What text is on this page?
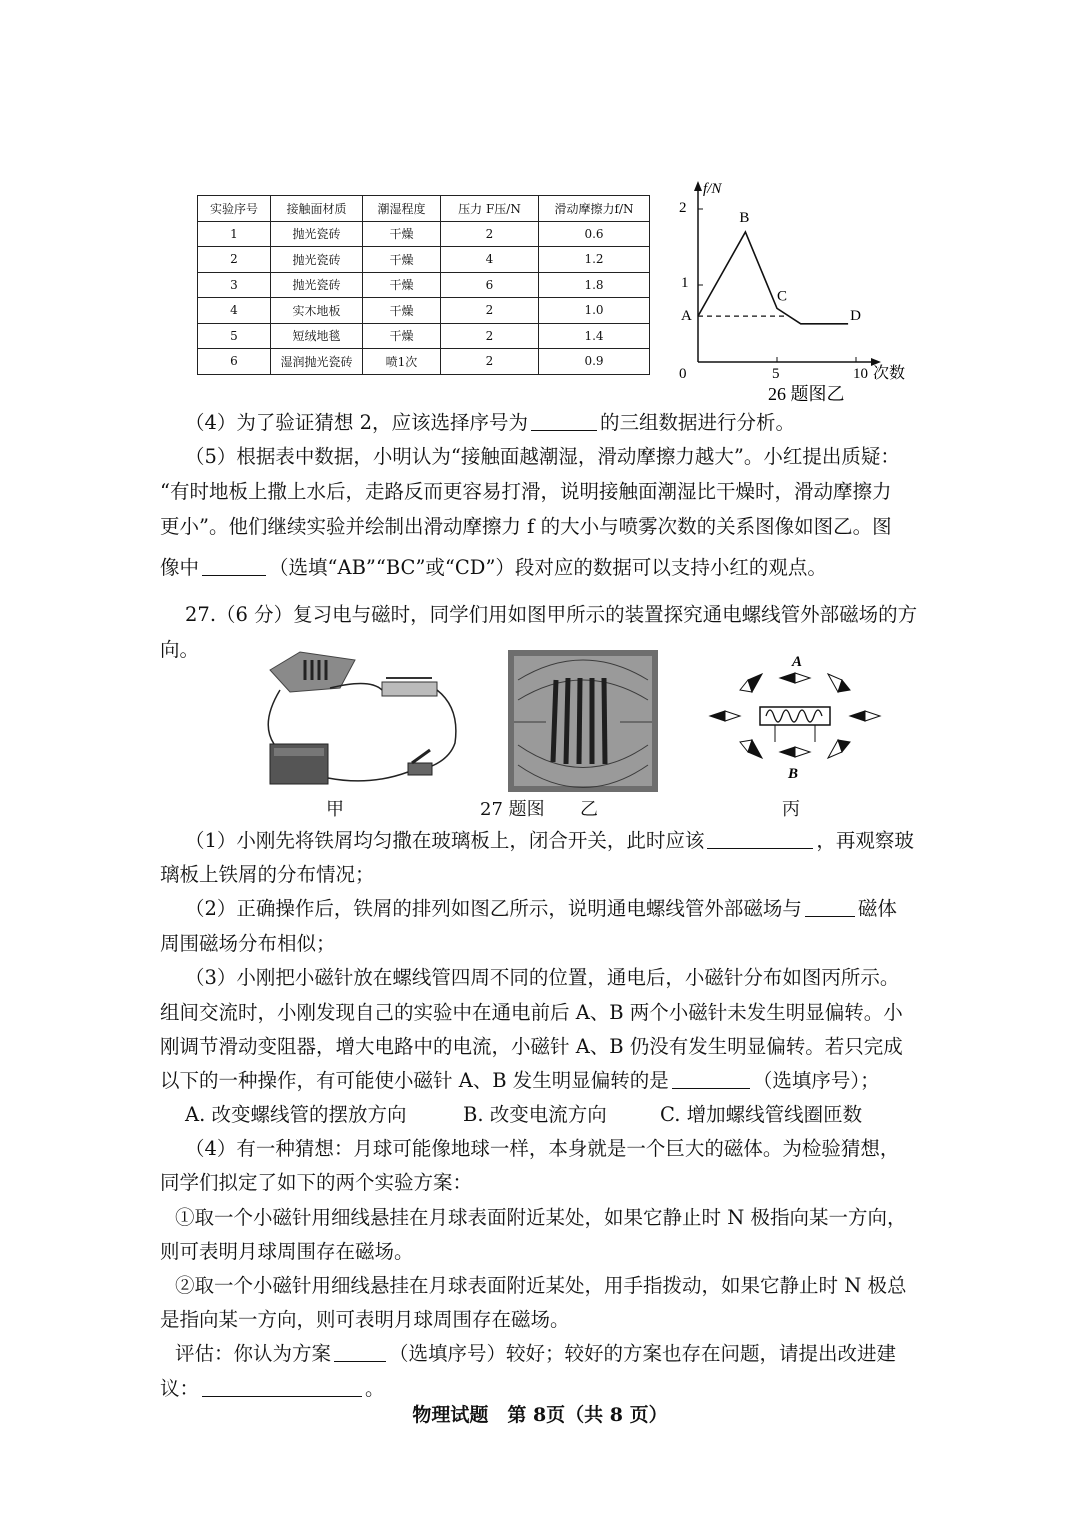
实验序号	接触面材质	潮湿程度	压力 F压/N	滑动摩擦力f/N
1	抛光瓷砖	干燥	2	0.6
2	抛光瓷砖	干燥	4	1.2
3	抛光瓷砖	干燥	6	1.8
4	实木地板	干燥	2	1.0
5	短绒地毯	干燥	2	1.4
6	湿润抛光瓷砖	喷1次	2	0.9
f/N
2
1
0	5	10 次数
A
B
C
D
26 题图乙
（4）为了验证猜想 2，应该选择序号为	的三组数据进行分析。
（5）根据表中数据，小明认为“接触面越潮湿，滑动摩擦力越大”。小红提出质疑：
“有时地板上撒上水后，走路反而更容易打滑，说明接触面潮湿比干燥时，滑动摩擦力
更小”。他们继续实验并绘制出滑动摩擦力 f 的大小与喷雾次数的关系图像如图乙。图
像中	（选填“AB”“BC”或“CD”）段对应的数据可以支持小红的观点。
27.（6 分）复习电与磁时，同学们用如图甲所示的装置探究通电螺线管外部磁场的方
向。
A
B
甲	27 题图 乙	丙
（1）小刚先将铁屑均匀撒在玻璃板上，闭合开关，此时应该	，再观察玻
璃板上铁屑的分布情况；
（2）正确操作后，铁屑的排列如图乙所示，说明通电螺线管外部磁场与	磁体
周围磁场分布相似；
（3）小刚把小磁针放在螺线管四周不同的位置，通电后，小磁针分布如图丙所示。
组间交流时，小刚发现自己的实验中在通电前后 A、B 两个小磁针未发生明显偏转。小
刚调节滑动变阻器，增大电路中的电流，小磁针 A、B 仍没有发生明显偏转。若只完成
以下的一种操作，有可能使小磁针 A、B 发生明显偏转的是	（选填序号）；
A. 改变螺线管的摆放方向	B. 改变电流方向	C. 增加螺线管线圈匝数
（4）有一种猜想：月球可能像地球一样，本身就是一个巨大的磁体。为检验猜想，
同学们拟定了如下的两个实验方案：
①取一个小磁针用细线悬挂在月球表面附近某处，如果它静止时 N 极指向某一方向，
则可表明月球周围存在磁场。
②取一个小磁针用细线悬挂在月球表面附近某处，用手指拨动，如果它静止时 N 极总
是指向某一方向，则可表明月球周围存在磁场。
评估：你认为方案	（选填序号）较好；较好的方案也存在问题，请提出改进建
议：	。
物理试题　第 8页（共 8 页）
